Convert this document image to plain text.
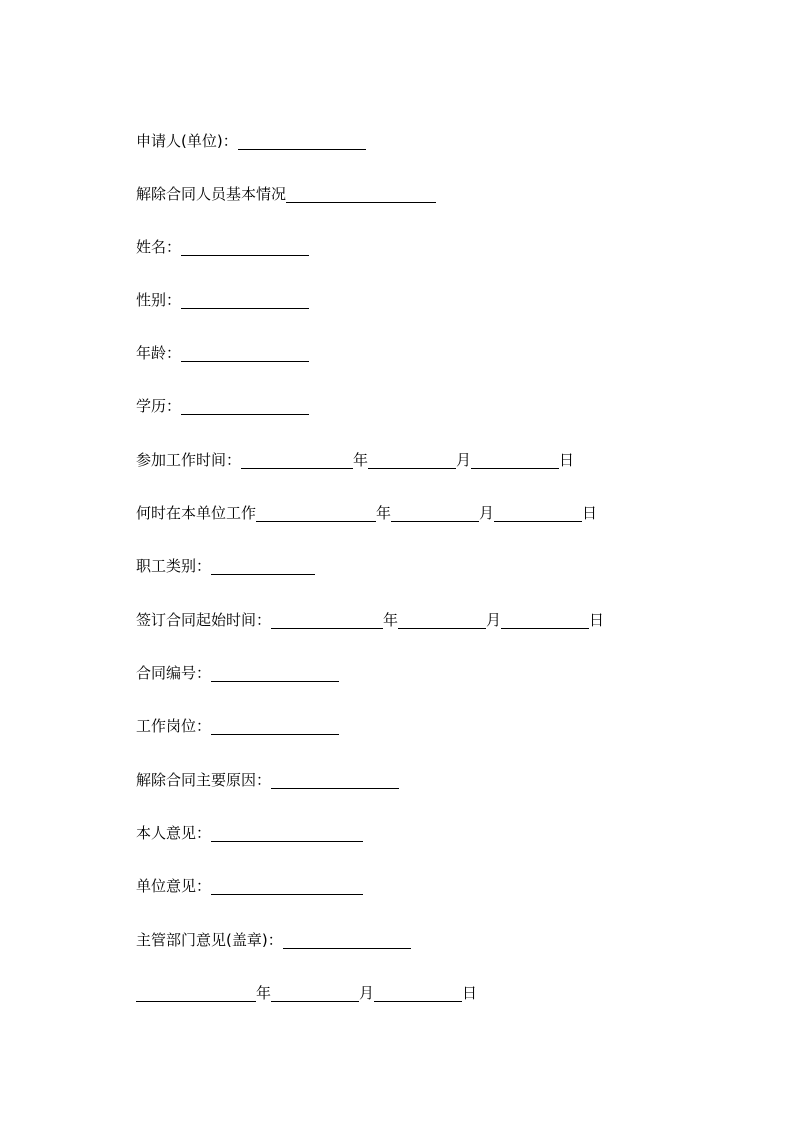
申请人(单位)：
解除合同人员基本情况
姓名：
性别：
年龄：
学历：
参加工作时间：	年	月	日
何时在本单位工作	年	月	日
职工类别：
签订合同起始时间：	年	月	日
合同编号：
工作岗位：
解除合同主要原因：
本人意见：
单位意见：
主管部门意见(盖章)：
年	月	日
